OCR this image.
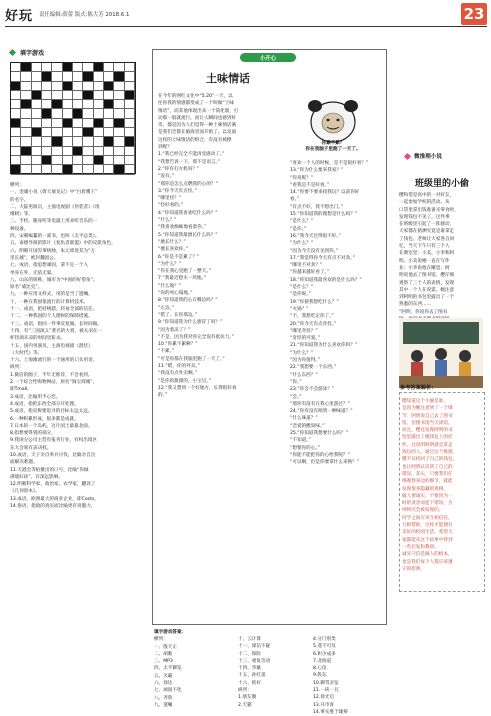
好玩 责任编辑:薛蕾 版式:陈大芳 2018.6.1	23
填字游戏

横列：

一、金庸小说《倚天屠龙记》中“白眉鹰王”

的名字。

二、大陆男演员，主演电视剧《伪装者》《琅

琊榜》等。

三、手机、随身听等电器上用来听音乐的一

种设备。

四、宋朝编纂的一部书，也叫《太平总类》。

五、泰德导演的影片《复仇者联盟》中的反派角色。

六、明朝开国军事统帅，朱元璋誉其为“万

里长城”，被封魏国公。

七、成语，指思想顽固，拿不定一个人

单身在外，无依无靠。

八、山东的简称，城市为“中国的好望角”。

原名“威比克”。

九、一种应用文样式，用的是当了遗嘱。

十、一种在我国很流行的计算机技术。

十一、成语，把持统辖，轻易全部的信任。

十二、一种我国的个人理财的保障措施。

十三、成语，指同一件事反复做、长时间做。

十四、有“三国演义”著名的大将，被关羽在一

杯热酒未凉的时间里斩杀。

十五、国内男演员，主演电视剧《潜伏》

《大时代》等。

十六、上海滩流行的一个通用的口头用语。

纵列：

1.微信的圈子，半年无推荐，不会看到。

2.一个综合性购物网站，原名“淘宝商城”，

即Tmall。

3.成语，比喻用半心恋。

4.成语，指把东西全部分开处理。

5.成语，指宣称要追寻的目标太远太远。

6.一种积累形成，很多都是成就。

7.日本的一个岛屿，这片国土最靠北面。

8.指想要得到的部分。

9.我国分公司主营有报刊行业，有权出境区

东大会席有表决权。

10.成语，天子亲自率兵讨伐，比喻亲自出

面解决难题。

11.天港会等拍摄出的口号，比喻“你做

满墙好砖”，有深远影响。

12.明朝科学家、政治家、农学家，翻译了

《几何原本》。

13.成语，欧洲最大的商业企业，即Costs。

14.俗语，指敌的真实而比喻更有说服力。

小开心
土味情话
你累不累？
你在我脑子里跑了一天了。

在今年的网红文化中“5.20”一天，以

往你我的情感都变成了一个叫做“土味

情话”，而其他体现出来一个简化版，打

动那一般就流行。而让人瞬间也感到好

奇，都是因为人们觉得一种土味情话满

是我们全都在脑海里面开始了。以及面

这样的土味情话的组合，有没有被撩

到呢？

1.“我已经完全不能再受感动了。”

“我想告诉一下，那不是语言。”

2.“你有打火机吗？”

“没有。”

“那你是怎么点燃我的心的？”

3.“你今天有点怪。”

“哪里怪？”

“怪好看的。”

4.“你知道我喜欢吃什么吗？”

“什么？”

“我喜欢痴痴地看着你。”

5.“你知道我最擅长什么吗？”

“擅长什么？”

“擅长喜欢你。”

6.“你是不是累了？”

“为什么？”

“你在我心里跑了一整天。”

7.“我最近想买一块地。”

“什么地？”

“你的死心塌地。”

8.“你知道我的心在哪边吗？”

“左边。”

“错了，在你那边。”

9.“你知道我为什么感冒了吗？”

“因为着凉了？”

“不是，因为我对你完全没有抵抗力。”

10.“你累不累啊？”

“不累。”

“可是你都在我脑里跑了一天了。”

11.“喏，你的外卖。”

“我没有点外卖啊。”

“是你的甜甜的，小宝贝。”

12.“我又想到一个好地方，长得很好看

的。”

“喜欢一个人的时候，是不是很好看？”

13.“你为什么要来我家？”

“你说呢？”

“看我是不是好看。”

14.“你要不要来找我玩？以前你好

看。”

“有点不好，我不想出门。”

15.“你知道我的理想是什么吗？”

“是什么？”

“是你。”

16.“我今天过得很不好。”

“为什么？”

“因为今天没有见到你。”

17.“我觉得你今天有点不对劲。”

“哪里不对劲？”

“你越来越好看了。”

18.“你知道我最喜欢的是什么吗？”

“是什么？”

“是你呀。”

19.“你猜我想吃什么？”

“火锅？”

“不，我想吃定你了。”

20.“你今天有点奇怪。”

“哪里奇怪？”

“奇怪的可爱。”

21.“你知道我为什么喜欢你吗？”

“为什么？”

“因为你值得。”

22.“我想要一个东西。”

“什么东西？”

“你。”

23.“你会不会游泳？”

“会。”

“那你有没有在我心里游过？”

24.“你有没有闻到一种味道？”

“什么味道？”

“恋爱的酸臭味。”

25.“你知道我想要什么吗？”

“不知道。”

“想要你的心。”

“你能不能把你的心给我呢？”

“可以啊，但是你要拿什么来换？”

填字游戏答案：

横列：

一、殷天正

二、胡歌

三、MP3

四、太平御览

五、灭霸

六、徐达

七、顽固不化

八、齐鲁

九、遗嘱

十、云计算

十一、深信不疑

十二、保险

十三、重复劳动

十四、华雄

十五、孙红雷

十六、侬好

纵列：

1.朋友圈

2.天猫

4.分门别类

5.遥不可及

6.积少成多

7.北海道

8.心仪

9.股东

10.御驾亲征

11.一砖一瓦

12.徐光启

13.开市客

14.事实胜于雄辩

微推理小说
班级里的小偷

樱和望是高中的一对好友，

一起参加学校的活动。从

口袋里拿出钱准备买零食时，

发现钱包不见了。这件事

在班级里引起了一阵骚动，

大家都在猜测究竟是谁拿走

了钱包。老师让大家各自回

忆，当天下午只有三个人

在教室里：小美、小李和阿

明。小美说她一直在写作

业；小李说他在睡觉；阿

明说他去了图书馆。樱仔细

观察了三个人的表情，发现

其中一个人在说谎。她注意

到阿明的书包里露出了一个

熟悉的东西……

“阿明，你说你去了图书

参考答案解析：

樱知道这个小偷是谁，

是因为她注意到了一个细

节：阿明说自己去了图书

馆，但图书馆当天闭馆。

而且，樱还发现阿明的书

包里露出了她钱包上的挂

件。这说明阿明就是拿走

钱包的人。通过这个推理，

樱不仅找回了自己的钱包，

也让阿明认识到了自己的

错误。其实，只要我们仔

细观察身边的细节，就能

发现很多隐藏的真相。

做人要诚实，不要因为一

时的贪念而犯下错误，否

则终究会被发现的。

同学之间应该互相信任，

互相帮助，这样才能拥有

美好的校园生活。希望大

家都能从这个故事中得到

一些启发和教训。

诚实守信是做人的根本，

也是我们每个人都应该遵

守的原则。
